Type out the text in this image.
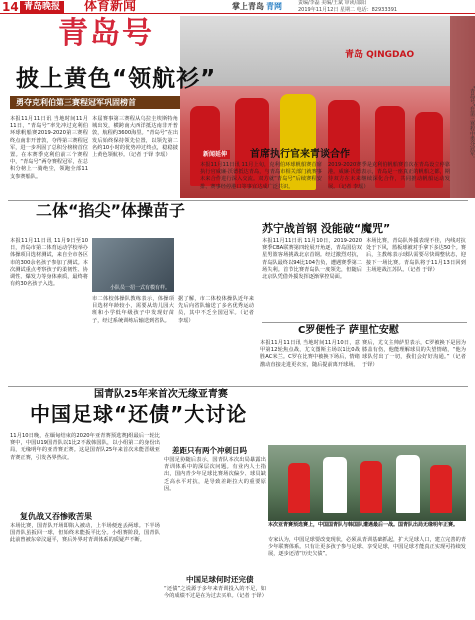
14 青岛晚报	体育新闻	掌上青岛 青网	责编/李磊 美编/王斌 审读/邵阳
2019年11月12日 星期二 电话：82933391
青岛 QINGDAO
“青岛号”在第三赛程中勇夺冠军。
青岛号
披上黄色“领航衫”
勇夺克利伯第三赛程冠军巩固榜首
本报11月11日讯 当地时间11月11日，“青岛号”率先冲过克利伯环球帆船赛2019-2020第三赛程终点南非开普敦，夺得第三赛程冠军，进一步巩固了总积分榜榜首位置。在本赛季克利伯前三个赛程中，“青岛号”两夺赛程冠军，在总积分榜上一骑绝尘，领跑全部11支参赛船队。
本届赛事第三赛程从乌拉圭埃斯特角城出发，横跨南大西洋抵达南非开普敦，航程约3600海里。“青岛号”在出发后始终保持领先位置，以领先第二名约10小时的优势冲过终点，稳稳披上黄色领航衫。（记者 于铎 李瑶）	新闻延伸	首席执行官来青谈合作
本报11月11日讯 11月上旬，克利伯环球帆船赛首席执行官威廉·沃德抵达青岛，与青岛市相关部门就赛事未来合作进行深入交流。双方就“青岛号”后续赛程安排、赛事经停港口等事宜达成广泛共识。
2019-2020赛季是克利伯帆船赛首次在青岛设立停靠港。威廉·沃德表示，青岛是一座真正的帆船之都，期待双方在未来继续深化合作，共同推动帆船运动发展。（记者 李瑶）
二体“掐尖”体操苗子
本报11月11日讯 11月9日至10日，青岛市第二体育运动学校举办体操项目选材测试，来自全市各区市的300余名孩子参加了测试。本次测试重点考察孩子的柔韧性、协调性、爆发力等身体素质，最终将有约30名孩子入选。
小队员一招一式有模有样。
市二体校体操队教练表示，体操项目选材年龄较小，需要从幼儿园大班和小学低年级孩子中发现好苗子，经过系统训练后输送到省队。
据了解，市二体校体操队近年来先后向省队输送了多名优秀运动员，其中不乏全国冠军。（记者 李瑶）
苏宁战首钢 没能破“魔咒”
本报11月11日讯 11月10日，2019-2020赛季CBA联赛第四轮展开角逐，青岛国信双星男篮客场挑战北京首钢。经过激烈对抗，青岛队最终以94比104告负，遭遇赛季第二场失利。首节比赛青岛队一度领先，但随后北京队凭借外援发挥逐渐掌控局面。
本场比赛，青岛队外援表现不佳，内线对抗处于下风，篮板球被对手拿下多达50个。赛后，主教练表示球队需要尽快调整状态，迎接下一场比赛。青岛队将于11月13日回到主场迎战江苏队。（记者 于铎）
C罗便性子 萨里忙安慰
本报11月11日讯 当地时间11月10日，意甲第12轮焦点战，尤文图斯主场以1比0战胜AC米兰。C罗在比赛中被换下场后，情绪激动直接走进更衣室，随后提前离开球场。
赛后，尤文主帅萨里表示，C罗被换下是因为膝盖有伤，他能理解球员的失望情绪，“他为球队付出了一切，我们会好好沟通。”（记者 于铎）
国青队25年来首次无缘亚青赛
中国足球“还债”大讨论
11月10日晚，在缅甸结束的2020年亚青赛预选赛J组最后一轮比赛中，中国U19国青队以1比2不敌韩国队，以小组第二的身份出局，无缘明年的亚青赛正赛。这是国青队25年来首次未能晋级亚青赛正赛，引发各界热议。
复仇战又吞惨败苦果
本场比赛，国青队开场即陷入被动，上半场便连丢两球。下半场国青队虽扳回一球，但始终未能扳平比分。小组赛阶段，国青队此前曾被东帝汶逼平，赛后外界对青训体系的质疑声不断。
差距只有两个冲刺日吗
中国足协随后表示，国青队本次出局暴露出青训体系中的深层次问题。有业内人士指出，国内青少年足球比赛场次偏少、球员缺乏高水平对抗，是导致差距拉大的重要原因。
中国足球何时还完债
“还债”之说源于多年来青训投入的不足，如今的成绩不过是在为过去买单。（记者 于铎）
本次亚青赛预选赛上，中国国青队与韩国队遭遇最后一战。国青队出局无缘明年正赛。
专家认为，中国足球要改变现状，必须从青训基础抓起，扩大足球人口，建立完善的青少年联赛体系。只有让更多孩子参与足球、享受足球，中国足球才能真正实现可持续发展，逐步还清“历史欠债”。
